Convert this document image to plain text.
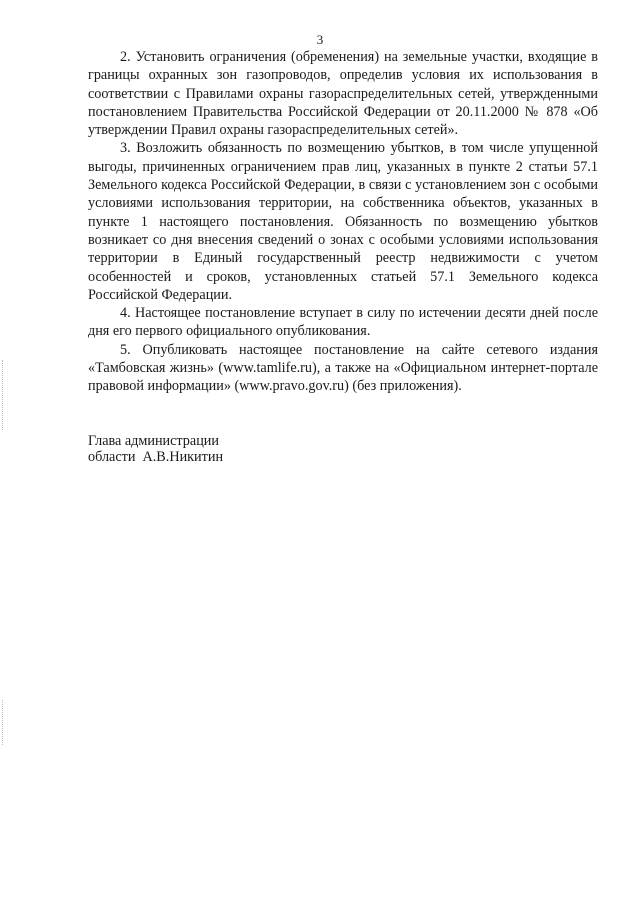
3

2. Установить ограничения (обременения) на земельные участки, входящие в границы охранных зон газопроводов, определив условия их использования в соответствии с Правилами охраны газораспределительных сетей, утвержденными постановлением Правительства Российской Федерации от 20.11.2000 № 878 «Об утверждении Правил охраны газораспределительных сетей».

3. Возложить обязанность по возмещению убытков, в том числе упущенной выгоды, причиненных ограничением прав лиц, указанных в пункте 2 статьи 57.1 Земельного кодекса Российской Федерации, в связи с установлением зон с особыми условиями использования территории, на собственника объектов, указанных в пункте 1 настоящего постановления. Обязанность по возмещению убытков возникает со дня внесения сведений о зонах с особыми условиями использования территории в Единый государственный реестр недвижимости с учетом особенностей и сроков, установленных статьей 57.1 Земельного кодекса Российской Федерации.

4. Настоящее постановление вступает в силу по истечении десяти дней после дня его первого официального опубликования.

5. Опубликовать настоящее постановление на сайте сетевого издания «Тамбовская жизнь» (www.tamlife.ru), а также на «Официальном интернет-портале правовой информации» (www.pravo.gov.ru) (без приложения).

Глава администрации
области  А.В.Никитин
